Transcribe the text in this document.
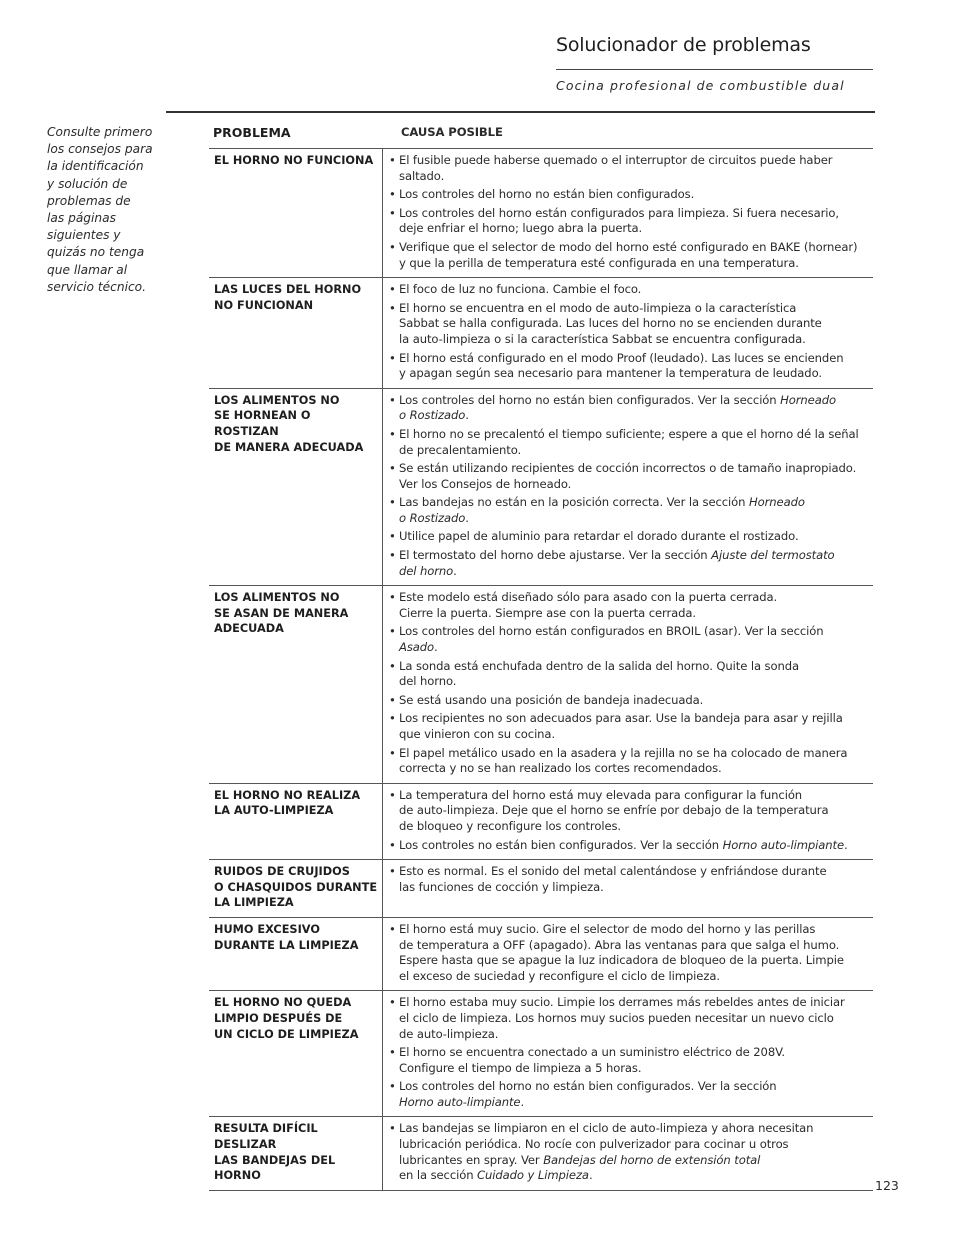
Solucionador de problemas
Cocina profesional de combustible dual
Consulte primero
los consejos para
la identificación
y solución de
problemas de
las páginas
siguientes y
quizás no tenga
que llamar al
servicio técnico.
PROBLEMA	CAUSA POSIBLE
EL HORNO NO FUNCIONA	• El fusible puede haberse quemado o el interruptor de circuitos puede haber
saltado.
• Los controles del horno no están bien configurados.
• Los controles del horno están configurados para limpieza. Si fuera necesario,
deje enfriar el horno; luego abra la puerta.
• Verifique que el selector de modo del horno esté configurado en BAKE (hornear)
y que la perilla de temperatura esté configurada en una temperatura.
LAS LUCES DEL HORNO
NO FUNCIONAN
• El foco de luz no funciona. Cambie el foco.
• El horno se encuentra en el modo de auto-limpieza o la característica
Sabbat se halla configurada. Las luces del horno no se encienden durante
la auto-limpieza o si la característica Sabbat se encuentra configurada.
• El horno está configurado en el modo Proof (leudado). Las luces se encienden
y apagan según sea necesario para mantener la temperatura de leudado.
LOS ALIMENTOS NO
SE HORNEAN O ROSTIZAN
DE MANERA ADECUADA
• Los controles del horno no están bien configurados. Ver la sección Horneado
o Rostizado.
• El horno no se precalentó el tiempo suficiente; espere a que el horno dé la señal
de precalentamiento.
• Se están utilizando recipientes de cocción incorrectos o de tamaño inapropiado.
Ver los Consejos de horneado.
• Las bandejas no están en la posición correcta. Ver la sección Horneado
o Rostizado.
• Utilice papel de aluminio para retardar el dorado durante el rostizado.
• El termostato del horno debe ajustarse. Ver la sección Ajuste del termostato
del horno.
LOS ALIMENTOS NO
SE ASAN DE MANERA
ADECUADA
• Este modelo está diseñado sólo para asado con la puerta cerrada.
Cierre la puerta. Siempre ase con la puerta cerrada.
• Los controles del horno están configurados en BROIL (asar). Ver la sección
Asado.
• La sonda está enchufada dentro de la salida del horno. Quite la sonda
del horno.
• Se está usando una posición de bandeja inadecuada.
• Los recipientes no son adecuados para asar. Use la bandeja para asar y rejilla
que vinieron con su cocina.
• El papel metálico usado en la asadera y la rejilla no se ha colocado de manera
correcta y no se han realizado los cortes recomendados.
EL HORNO NO REALIZA
LA AUTO-LIMPIEZA
• La temperatura del horno está muy elevada para configurar la función
de auto-limpieza. Deje que el horno se enfríe por debajo de la temperatura
de bloqueo y reconfigure los controles.
• Los controles no están bien configurados. Ver la sección Horno auto-limpiante.
RUIDOS DE CRUJIDOS
O CHASQUIDOS DURANTE
LA LIMPIEZA
• Esto es normal. Es el sonido del metal calentándose y enfriándose durante
las funciones de cocción y limpieza.
HUMO EXCESIVO
DURANTE LA LIMPIEZA
• El horno está muy sucio. Gire el selector de modo del horno y las perillas
de temperatura a OFF (apagado). Abra las ventanas para que salga el humo.
Espere hasta que se apague la luz indicadora de bloqueo de la puerta. Limpie
el exceso de suciedad y reconfigure el ciclo de limpieza.
EL HORNO NO QUEDA
LIMPIO DESPUÉS DE
UN CICLO DE LIMPIEZA
• El horno estaba muy sucio. Limpie los derrames más rebeldes antes de iniciar
el ciclo de limpieza. Los hornos muy sucios pueden necesitar un nuevo ciclo
de auto-limpieza.
• El horno se encuentra conectado a un suministro eléctrico de 208V.
Configure el tiempo de limpieza a 5 horas.
• Los controles del horno no están bien configurados. Ver la sección
Horno auto-limpiante.
RESULTA DIFÍCIL DESLIZAR
LAS BANDEJAS DEL HORNO
• Las bandejas se limpiaron en el ciclo de auto-limpieza y ahora necesitan
lubricación periódica. No rocíe con pulverizador para cocinar u otros
lubricantes en spray. Ver Bandejas del horno de extensión total
en la sección Cuidado y Limpieza.
123
